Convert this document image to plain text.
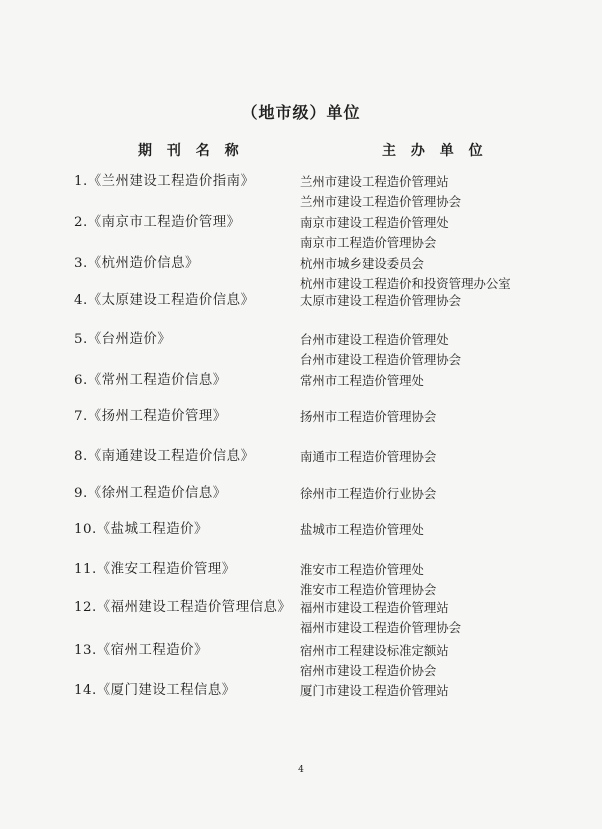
（地市级）单位
期 刊 名 称	主 办 单 位
1.《兰州建设工程造价指南》	兰州市建设工程造价管理站
兰州市建设工程造价管理协会
2.《南京市工程造价管理》	南京市建设工程造价管理处
南京市工程造价管理协会
3.《杭州造价信息》	杭州市城乡建设委员会
杭州市建设工程造价和投资管理办公室
4.《太原建设工程造价信息》	太原市建设工程造价管理协会
5.《台州造价》	台州市建设工程造价管理处
台州市建设工程造价管理协会
6.《常州工程造价信息》	常州市工程造价管理处
7.《扬州工程造价管理》	扬州市工程造价管理协会
8.《南通建设工程造价信息》	南通市工程造价管理协会
9.《徐州工程造价信息》	徐州市工程造价行业协会
10.《盐城工程造价》	盐城市工程造价管理处
11.《淮安工程造价管理》	淮安市工程造价管理处
淮安市工程造价管理协会
12.《福州建设工程造价管理信息》 福州市建设工程造价管理站
福州市建设工程造价管理协会
13.《宿州工程造价》	宿州市工程建设标准定额站
宿州市建设工程造价协会
14.《厦门建设工程信息》	厦门市建设工程造价管理站
4
